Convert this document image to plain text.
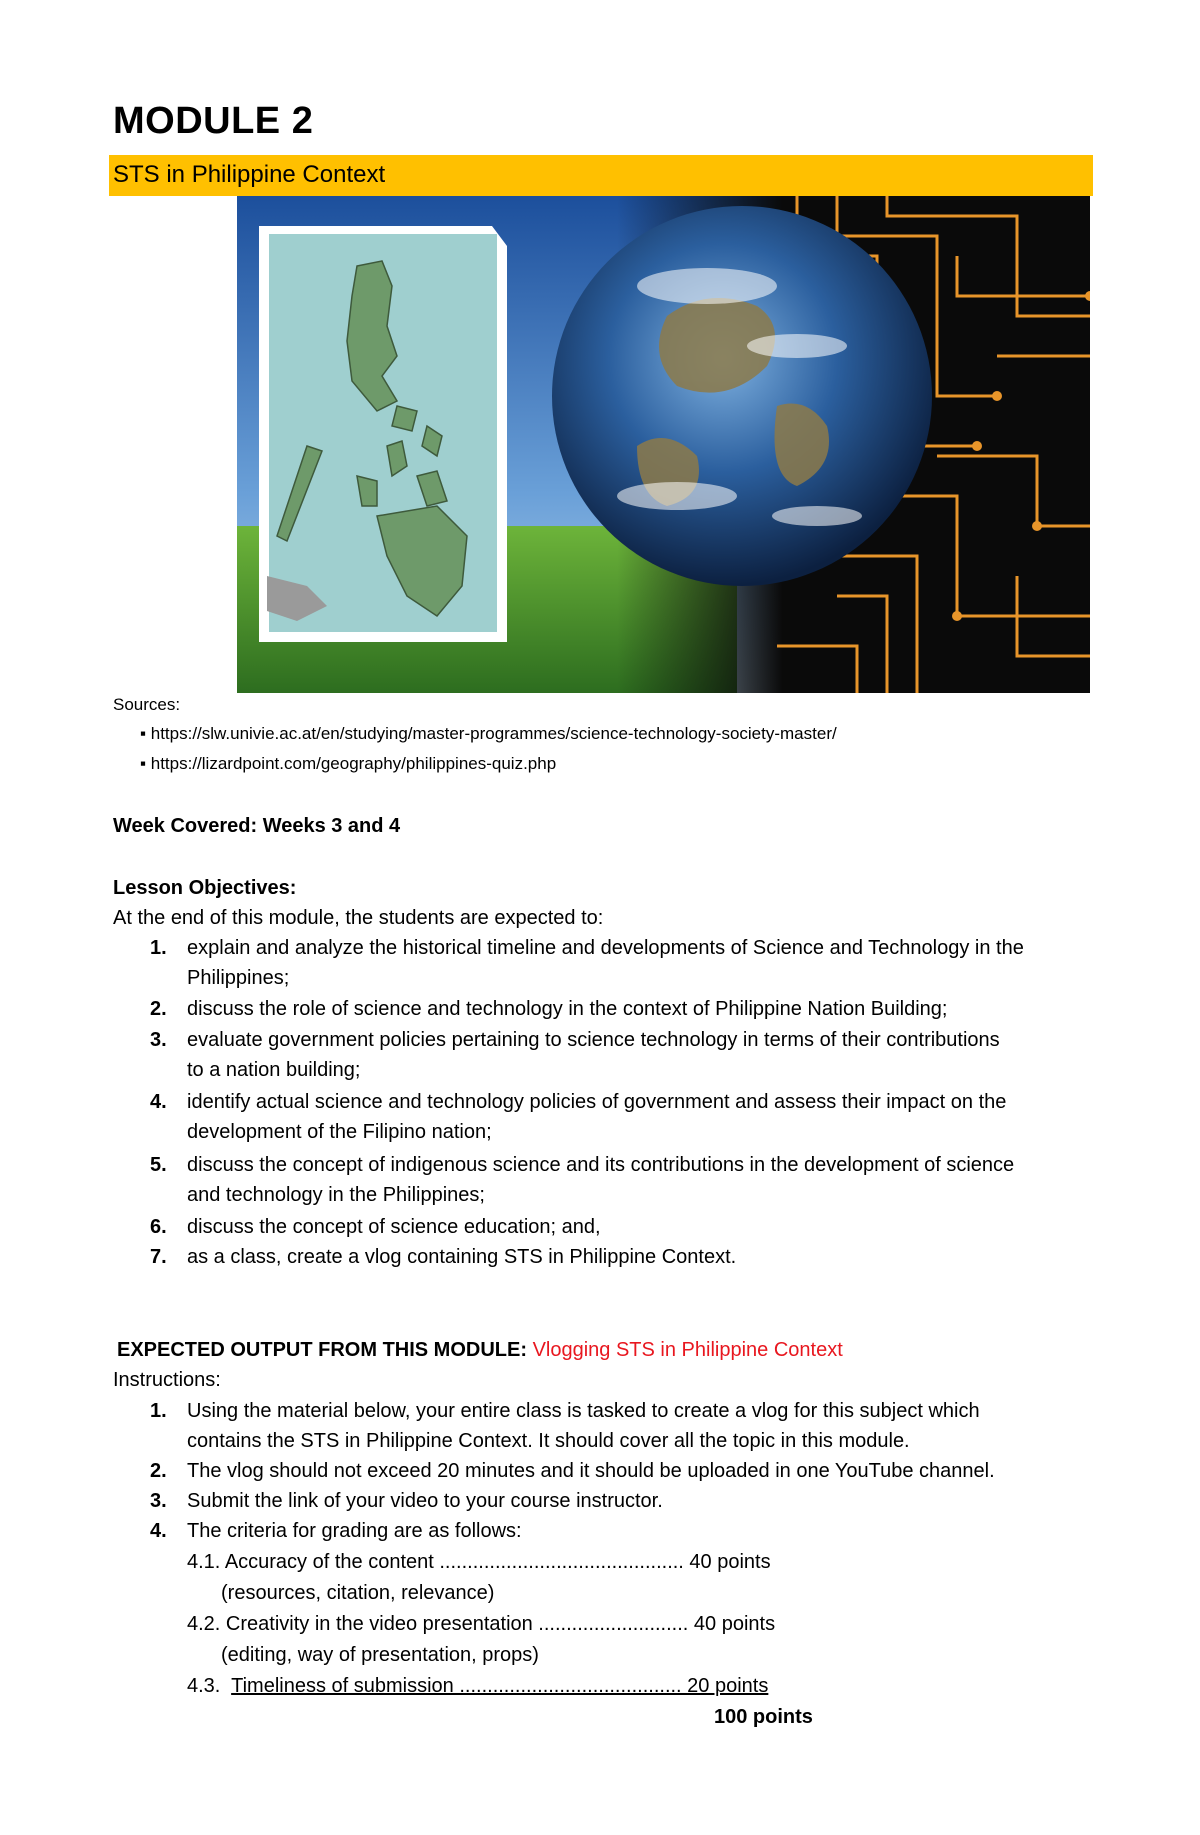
MODULE 2
STS in Philippine Context
Sources:
▪ https://slw.univie.ac.at/en/studying/master-programmes/science-technology-society-master/
▪ https://lizardpoint.com/geography/philippines-quiz.php
Week Covered: Weeks 3 and 4
Lesson Objectives:
At the end of this module, the students are expected to:
1. explain and analyze the historical timeline and developments of Science and Technology in the
Philippines;
2. discuss the role of science and technology in the context of Philippine Nation Building;
3. evaluate government policies pertaining to science technology in terms of their contributions
to a nation building;
4. identify actual science and technology policies of government and assess their impact on the
development of the Filipino nation;
5. discuss the concept of indigenous science and its contributions in the development of science
and technology in the Philippines;
6. discuss the concept of science education; and,
7. as a class, create a vlog containing STS in Philippine Context.
EXPECTED OUTPUT FROM THIS MODULE: Vlogging STS in Philippine Context
Instructions:
1. Using the material below, your entire class is tasked to create a vlog for this subject which
contains the STS in Philippine Context. It should cover all the topic in this module.
2. The vlog should not exceed 20 minutes and it should be uploaded in one YouTube channel.
3. Submit the link of your video to your course instructor.
4. The criteria for grading are as follows:
4.1. Accuracy of the content ............................................ 40 points
(resources, citation, relevance)
4.2. Creativity in the video presentation ........................... 40 points
(editing, way of presentation, props)
4.3. Timeliness of submission ........................................ 20 points
100 points
